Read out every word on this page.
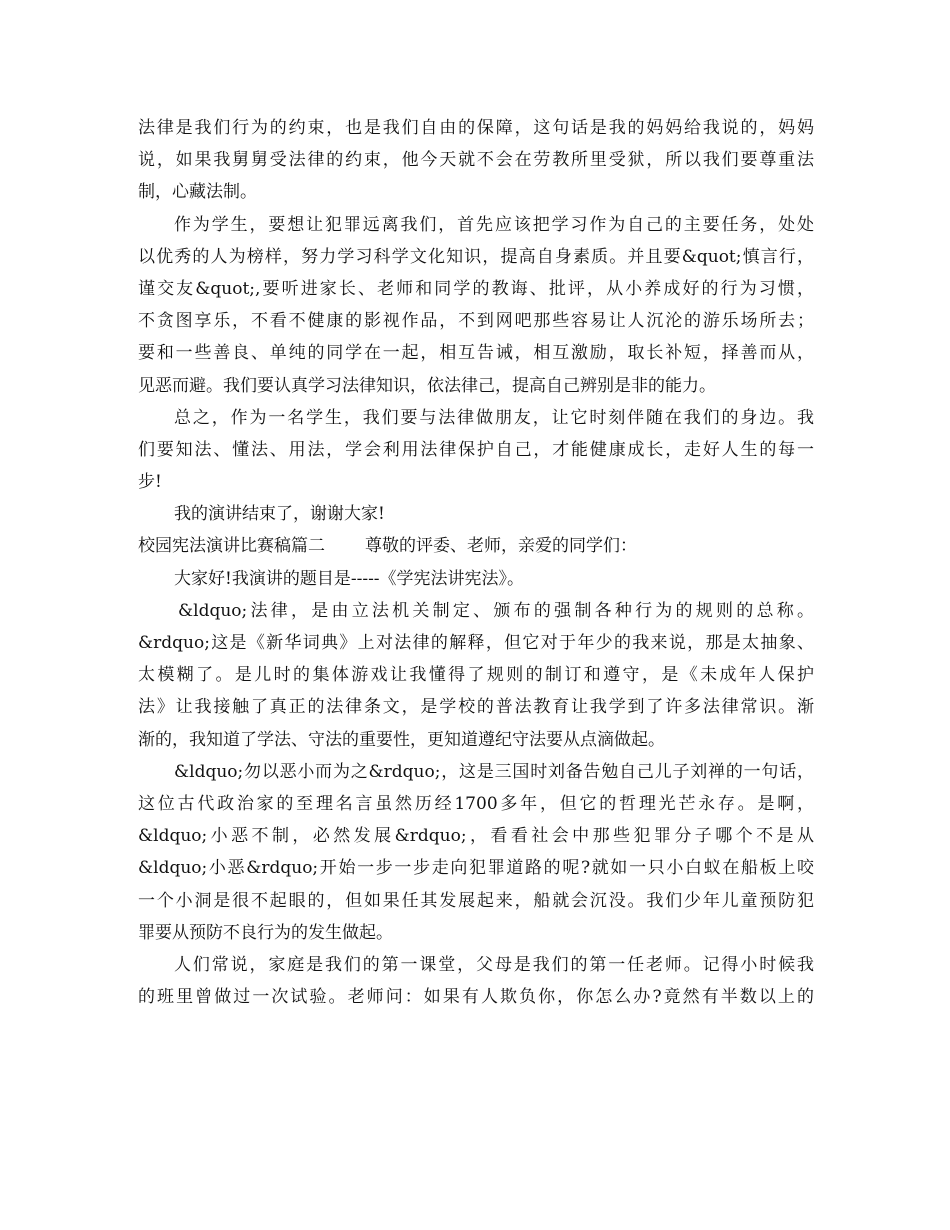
法律是我们行为的约束，也是我们自由的保障，这句话是我的妈妈给我说的，妈妈
说，如果我舅舅受法律的约束，他今天就不会在劳教所里受狱，所以我们要尊重法
制，心藏法制。
作为学生，要想让犯罪远离我们，首先应该把学习作为自己的主要任务，处处
以优秀的人为榜样，努力学习科学文化知识，提高自身素质。并且要&quot;慎言行，
谨交友&quot;,要听进家长、老师和同学的教诲、批评，从小养成好的行为习惯，
不贪图享乐，不看不健康的影视作品，不到网吧那些容易让人沉沦的游乐场所去；
要和一些善良、单纯的同学在一起，相互告诫，相互激励，取长补短，择善而从，
见恶而避。我们要认真学习法律知识，依法律己，提高自己辨别是非的能力。
总之，作为一名学生，我们要与法律做朋友，让它时刻伴随在我们的身边。我
们要知法、懂法、用法，学会利用法律保护自己，才能健康成长，走好人生的每一
步!
我的演讲结束了，谢谢大家!
校园宪法演讲比赛稿篇二 尊敬的评委、老师，亲爱的同学们：
大家好!我演讲的题目是-----《学宪法讲宪法》。
&ldquo;法律，是由立法机关制定、颁布的强制各种行为的规则的总称。
&rdquo;这是《新华词典》上对法律的解释，但它对于年少的我来说，那是太抽象、
太模糊了。是儿时的集体游戏让我懂得了规则的制订和遵守，是《未成年人保护
法》让我接触了真正的法律条文，是学校的普法教育让我学到了许多法律常识。渐
渐的，我知道了学法、守法的重要性，更知道遵纪守法要从点滴做起。
&ldquo;勿以恶小而为之&rdquo;，这是三国时刘备告勉自己儿子刘禅的一句话，
这位古代政治家的至理名言虽然历经1700多年，但它的哲理光芒永存。是啊，
&ldquo;小恶不制，必然发展&rdquo;，看看社会中那些犯罪分子哪个不是从
&ldquo;小恶&rdquo;开始一步一步走向犯罪道路的呢?就如一只小白蚁在船板上咬
一个小洞是很不起眼的，但如果任其发展起来，船就会沉没。我们少年儿童预防犯
罪要从预防不良行为的发生做起。
人们常说，家庭是我们的第一课堂，父母是我们的第一任老师。记得小时候我
的班里曾做过一次试验。老师问：如果有人欺负你，你怎么办?竟然有半数以上的
